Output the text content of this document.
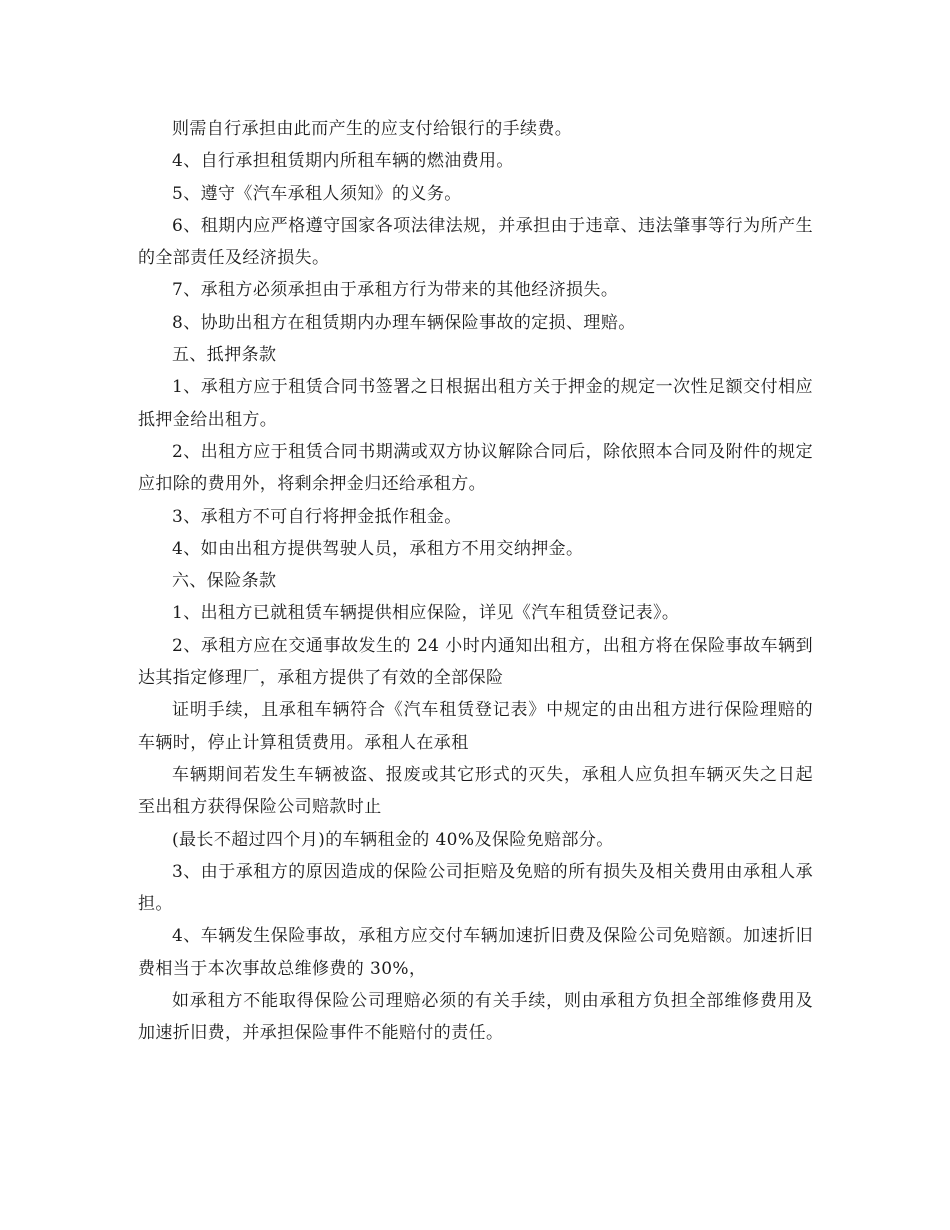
则需自行承担由此而产生的应支付给银行的手续费。

4、自行承担租赁期内所租车辆的燃油费用。

5、遵守《汽车承租人须知》的义务。

6、租期内应严格遵守国家各项法律法规，并承担由于违章、违法肇事等行为所产生的全部责任及经济损失。

7、承租方必须承担由于承租方行为带来的其他经济损失。

8、协助出租方在租赁期内办理车辆保险事故的定损、理赔。

五、抵押条款

1、承租方应于租赁合同书签署之日根据出租方关于押金的规定一次性足额交付相应抵押金给出租方。

2、出租方应于租赁合同书期满或双方协议解除合同后，除依照本合同及附件的规定应扣除的费用外，将剩余押金归还给承租方。

3、承租方不可自行将押金抵作租金。

4、如由出租方提供驾驶人员，承租方不用交纳押金。

六、保险条款

1、出租方已就租赁车辆提供相应保险，详见《汽车租赁登记表》。

2、承租方应在交通事故发生的 24 小时内通知出租方，出租方将在保险事故车辆到达其指定修理厂，承租方提供了有效的全部保险

证明手续，且承租车辆符合《汽车租赁登记表》中规定的由出租方进行保险理赔的车辆时，停止计算租赁费用。承租人在承租

车辆期间若发生车辆被盗、报废或其它形式的灭失，承租人应负担车辆灭失之日起至出租方获得保险公司赔款时止

(最长不超过四个月)的车辆租金的 40%及保险免赔部分。

3、由于承租方的原因造成的保险公司拒赔及免赔的所有损失及相关费用由承租人承担。

4、车辆发生保险事故，承租方应交付车辆加速折旧费及保险公司免赔额。加速折旧费相当于本次事故总维修费的 30%，

如承租方不能取得保险公司理赔必须的有关手续，则由承租方负担全部维修费用及加速折旧费，并承担保险事件不能赔付的责任。
